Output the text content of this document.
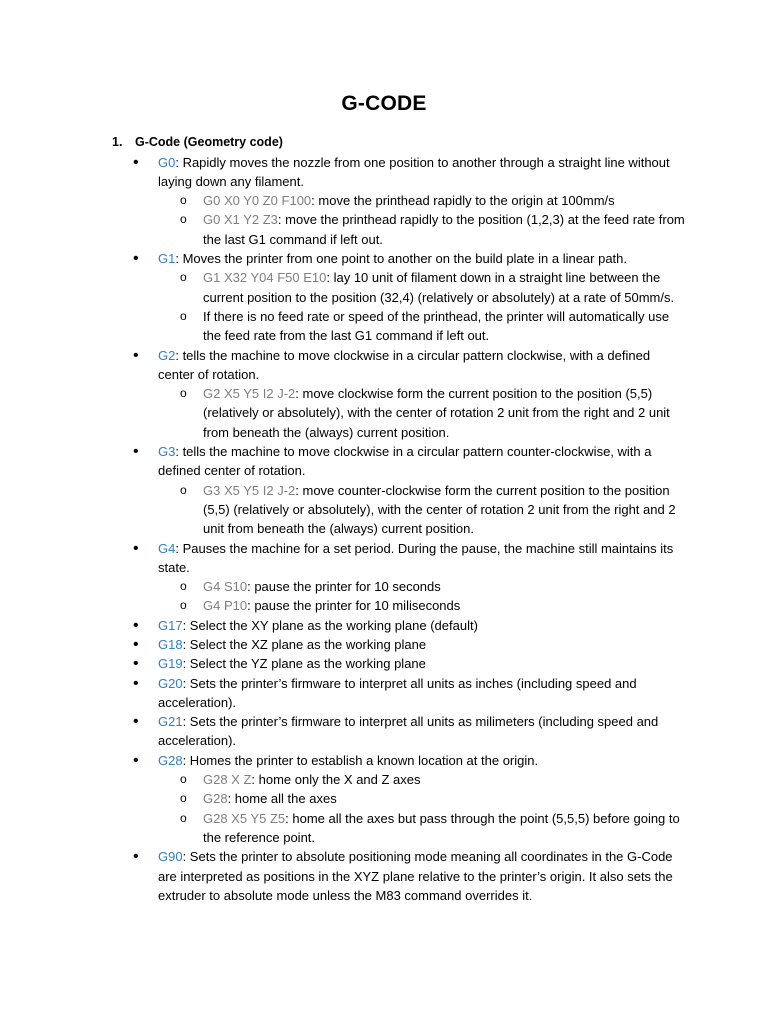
G-CODE
1. G-Code (Geometry code)
• G0: Rapidly moves the nozzle from one position to another through a straight line without
laying down any filament.
o G0 X0 Y0 Z0 F100: move the printhead rapidly to the origin at 100mm/s
o G0 X1 Y2 Z3: move the printhead rapidly to the position (1,2,3) at the feed rate from
the last G1 command if left out.
• G1: Moves the printer from one point to another on the build plate in a linear path.
o G1 X32 Y04 F50 E10: lay 10 unit of filament down in a straight line between the
current position to the position (32,4) (relatively or absolutely) at a rate of 50mm/s.
o If there is no feed rate or speed of the printhead, the printer will automatically use
the feed rate from the last G1 command if left out.
• G2: tells the machine to move clockwise in a circular pattern clockwise, with a defined
center of rotation.
o G2 X5 Y5 I2 J-2: move clockwise form the current position to the position (5,5)
(relatively or absolutely), with the center of rotation 2 unit from the right and 2 unit
from beneath the (always) current position.
• G3: tells the machine to move clockwise in a circular pattern counter-clockwise, with a
defined center of rotation.
o G3 X5 Y5 I2 J-2: move counter-clockwise form the current position to the position
(5,5) (relatively or absolutely), with the center of rotation 2 unit from the right and 2
unit from beneath the (always) current position.
• G4: Pauses the machine for a set period. During the pause, the machine still maintains its
state.
o G4 S10: pause the printer for 10 seconds
o G4 P10: pause the printer for 10 miliseconds
• G17: Select the XY plane as the working plane (default)
• G18: Select the XZ plane as the working plane
• G19: Select the YZ plane as the working plane
• G20: Sets the printer’s firmware to interpret all units as inches (including speed and
acceleration).
• G21: Sets the printer’s firmware to interpret all units as milimeters (including speed and
acceleration).
• G28: Homes the printer to establish a known location at the origin.
o G28 X Z: home only the X and Z axes
o G28: home all the axes
o G28 X5 Y5 Z5: home all the axes but pass through the point (5,5,5) before going to
the reference point.
• G90: Sets the printer to absolute positioning mode meaning all coordinates in the G-Code
are interpreted as positions in the XYZ plane relative to the printer’s origin. It also sets the
extruder to absolute mode unless the M83 command overrides it.
